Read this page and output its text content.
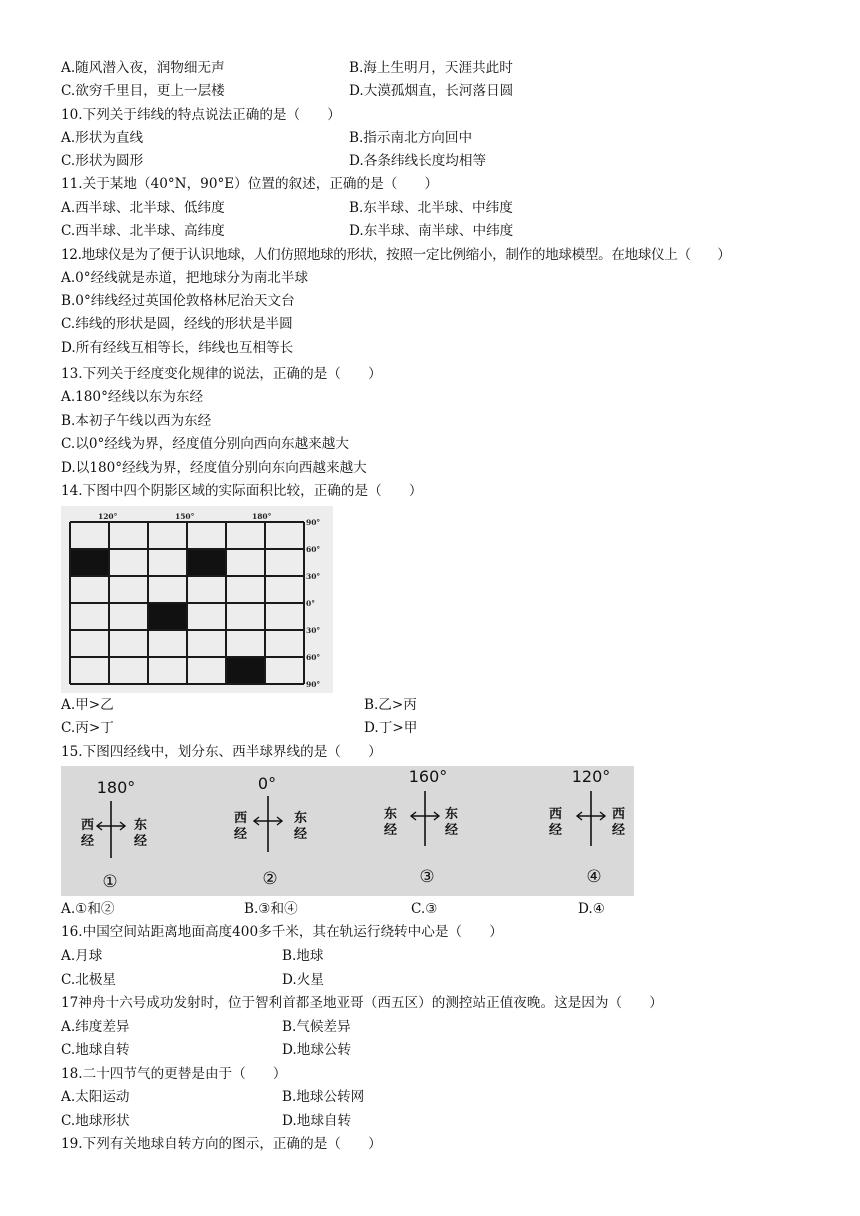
A.随风潜入夜，润物细无声	B.海上生明月，天涯共此时
C.欲穷千里目，更上一层楼	D.大漠孤烟直，长河落日圆
10.下列关于纬线的特点说法正确的是（　　）
A.形状为直线	B.指示南北方向回中
C.形状为圆形	D.各条纬线长度均相等
11.关于某地（40°N，90°E）位置的叙述，正确的是（　　）
A.西半球、北半球、低纬度	B.东半球、北半球、中纬度
C.西半球、北半球、高纬度	D.东半球、南半球、中纬度
12.地球仪是为了便于认识地球，人们仿照地球的形状，按照一定比例缩小，制作的地球模型。在地球仪上（　　）
A.0°经线就是赤道，把地球分为南北半球
B.0°纬线经过英国伦敦格林尼治天文台
C.纬线的形状是圆，经线的形状是半圆
D.所有经线互相等长，纬线也互相等长
13.下列关于经度变化规律的说法，正确的是（　　）
A.180°经线以东为东经
B.本初子午线以西为东经
C.以0°经线为界，经度值分别向西向东越来越大
D.以180°经线为界，经度值分别向东向西越来越大
14.下图中四个阴影区域的实际面积比较，正确的是（　　）
120°	150°	180°
90°
60°
30°
0°
30°
60°
90°
A.甲>乙	B.乙>丙
C.丙>丁	D.丁>甲
15.下图四经线中，划分东、西半球界线的是（　　）
180°
西
经
东
经
①
0°
西
经
东
经
②
160°
东
经
东
经
③
120°
西
经
西
经
④
A.①和②	B.③和④	C.③	D.④
16.中国空间站距离地面高度400多千米，其在轨运行绕转中心是（　　）
A.月球	B.地球
C.北极星	D.火星
17神舟十六号成功发射时，位于智利首都圣地亚哥（西五区）的测控站正值夜晚。这是因为（　　）
A.纬度差异	B.气候差异
C.地球自转	D.地球公转
18.二十四节气的更替是由于（　　）
A.太阳运动	B.地球公转网
C.地球形状	D.地球自转
19.下列有关地球自转方向的图示，正确的是（　　）
